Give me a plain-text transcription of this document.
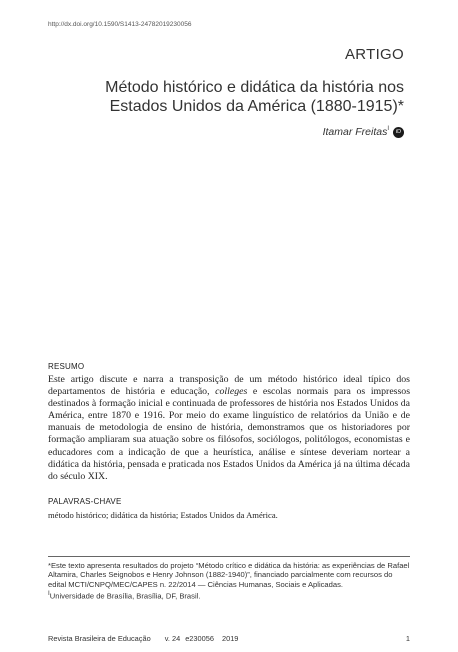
http://dx.doi.org/10.1590/S1413-24782019230056
ARTIGO
Método histórico e didática da história nos Estados Unidos da América (1880-1915)*
Itamar Freitas$^I$	iD
RESUMO
Este artigo discute e narra a transposição de um método histórico ideal típico dos departamentos de história e educação, colleges e escolas normais para os impressos destinados à formação inicial e continuada de professores de história nos Estados Unidos da América, entre 1870 e 1916. Por meio do exame linguístico de relatórios da União e de manuais de metodologia de ensino de história, demonstramos que os historiadores por formação ampliaram sua atuação sobre os filósofos, sociólogos, politólogos, economistas e educadores com a indicação de que a heurística, análise e síntese deveriam nortear a didática da história, pensada e praticada nos Estados Unidos da América já na última década do século XIX.
PALAVRAS-CHAVE
método histórico; didática da história; Estados Unidos da América.

*Este texto apresenta resultados do projeto “Método crítico e didática da história: as experiências de Rafael Altamira, Charles Seignobos e Henry Johnson (1882-1940)”, financiado parcialmente com recursos do edital MCTI/CNPQ/MEC/CAPES n. 22/2014 — Ciências Humanas, Sociais e Aplicadas.

$^I$Universidade de Brasília, Brasília, DF, Brasil.

Revista Brasileira de Educação v. 24 e230056 2019	1
